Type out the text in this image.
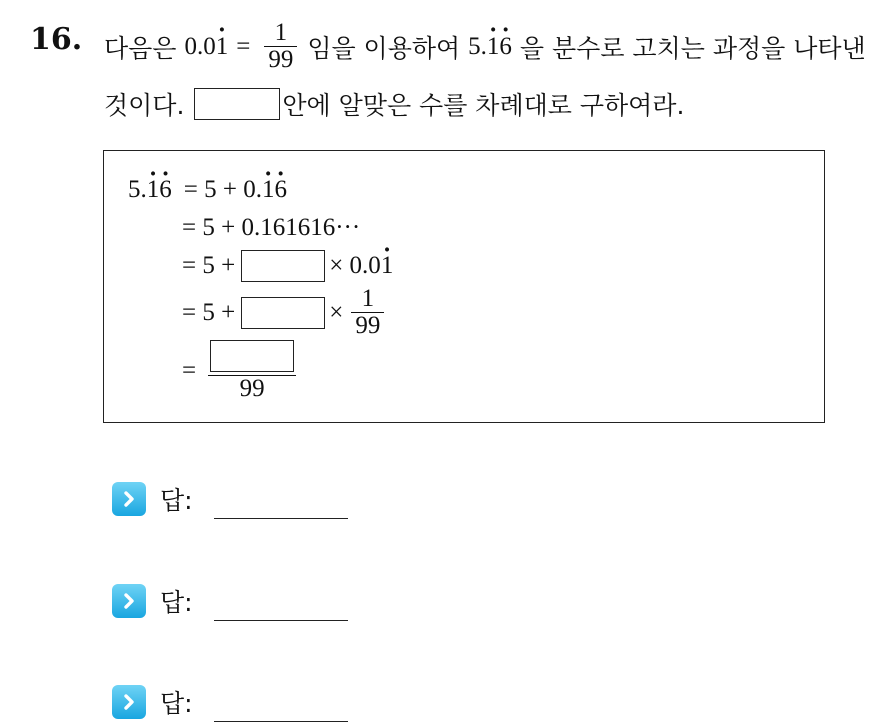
16. 다음은 $0.0\cdot 1 = \frac{1}{99}$ 임을 이용하여 5.· 1· 6 을 분수로 고치는 과정을 나타낸
것이다.	안에 알맞은 수를 차례대로 구하여라.
5. · 1 · 6 = 5 + 0. · 1 · 6
= 5 + 0.161616···
= 5 +	× 0.0 · 1
= 5 +	× $\frac{1}{99}$
=
99
답:
답:
답:
